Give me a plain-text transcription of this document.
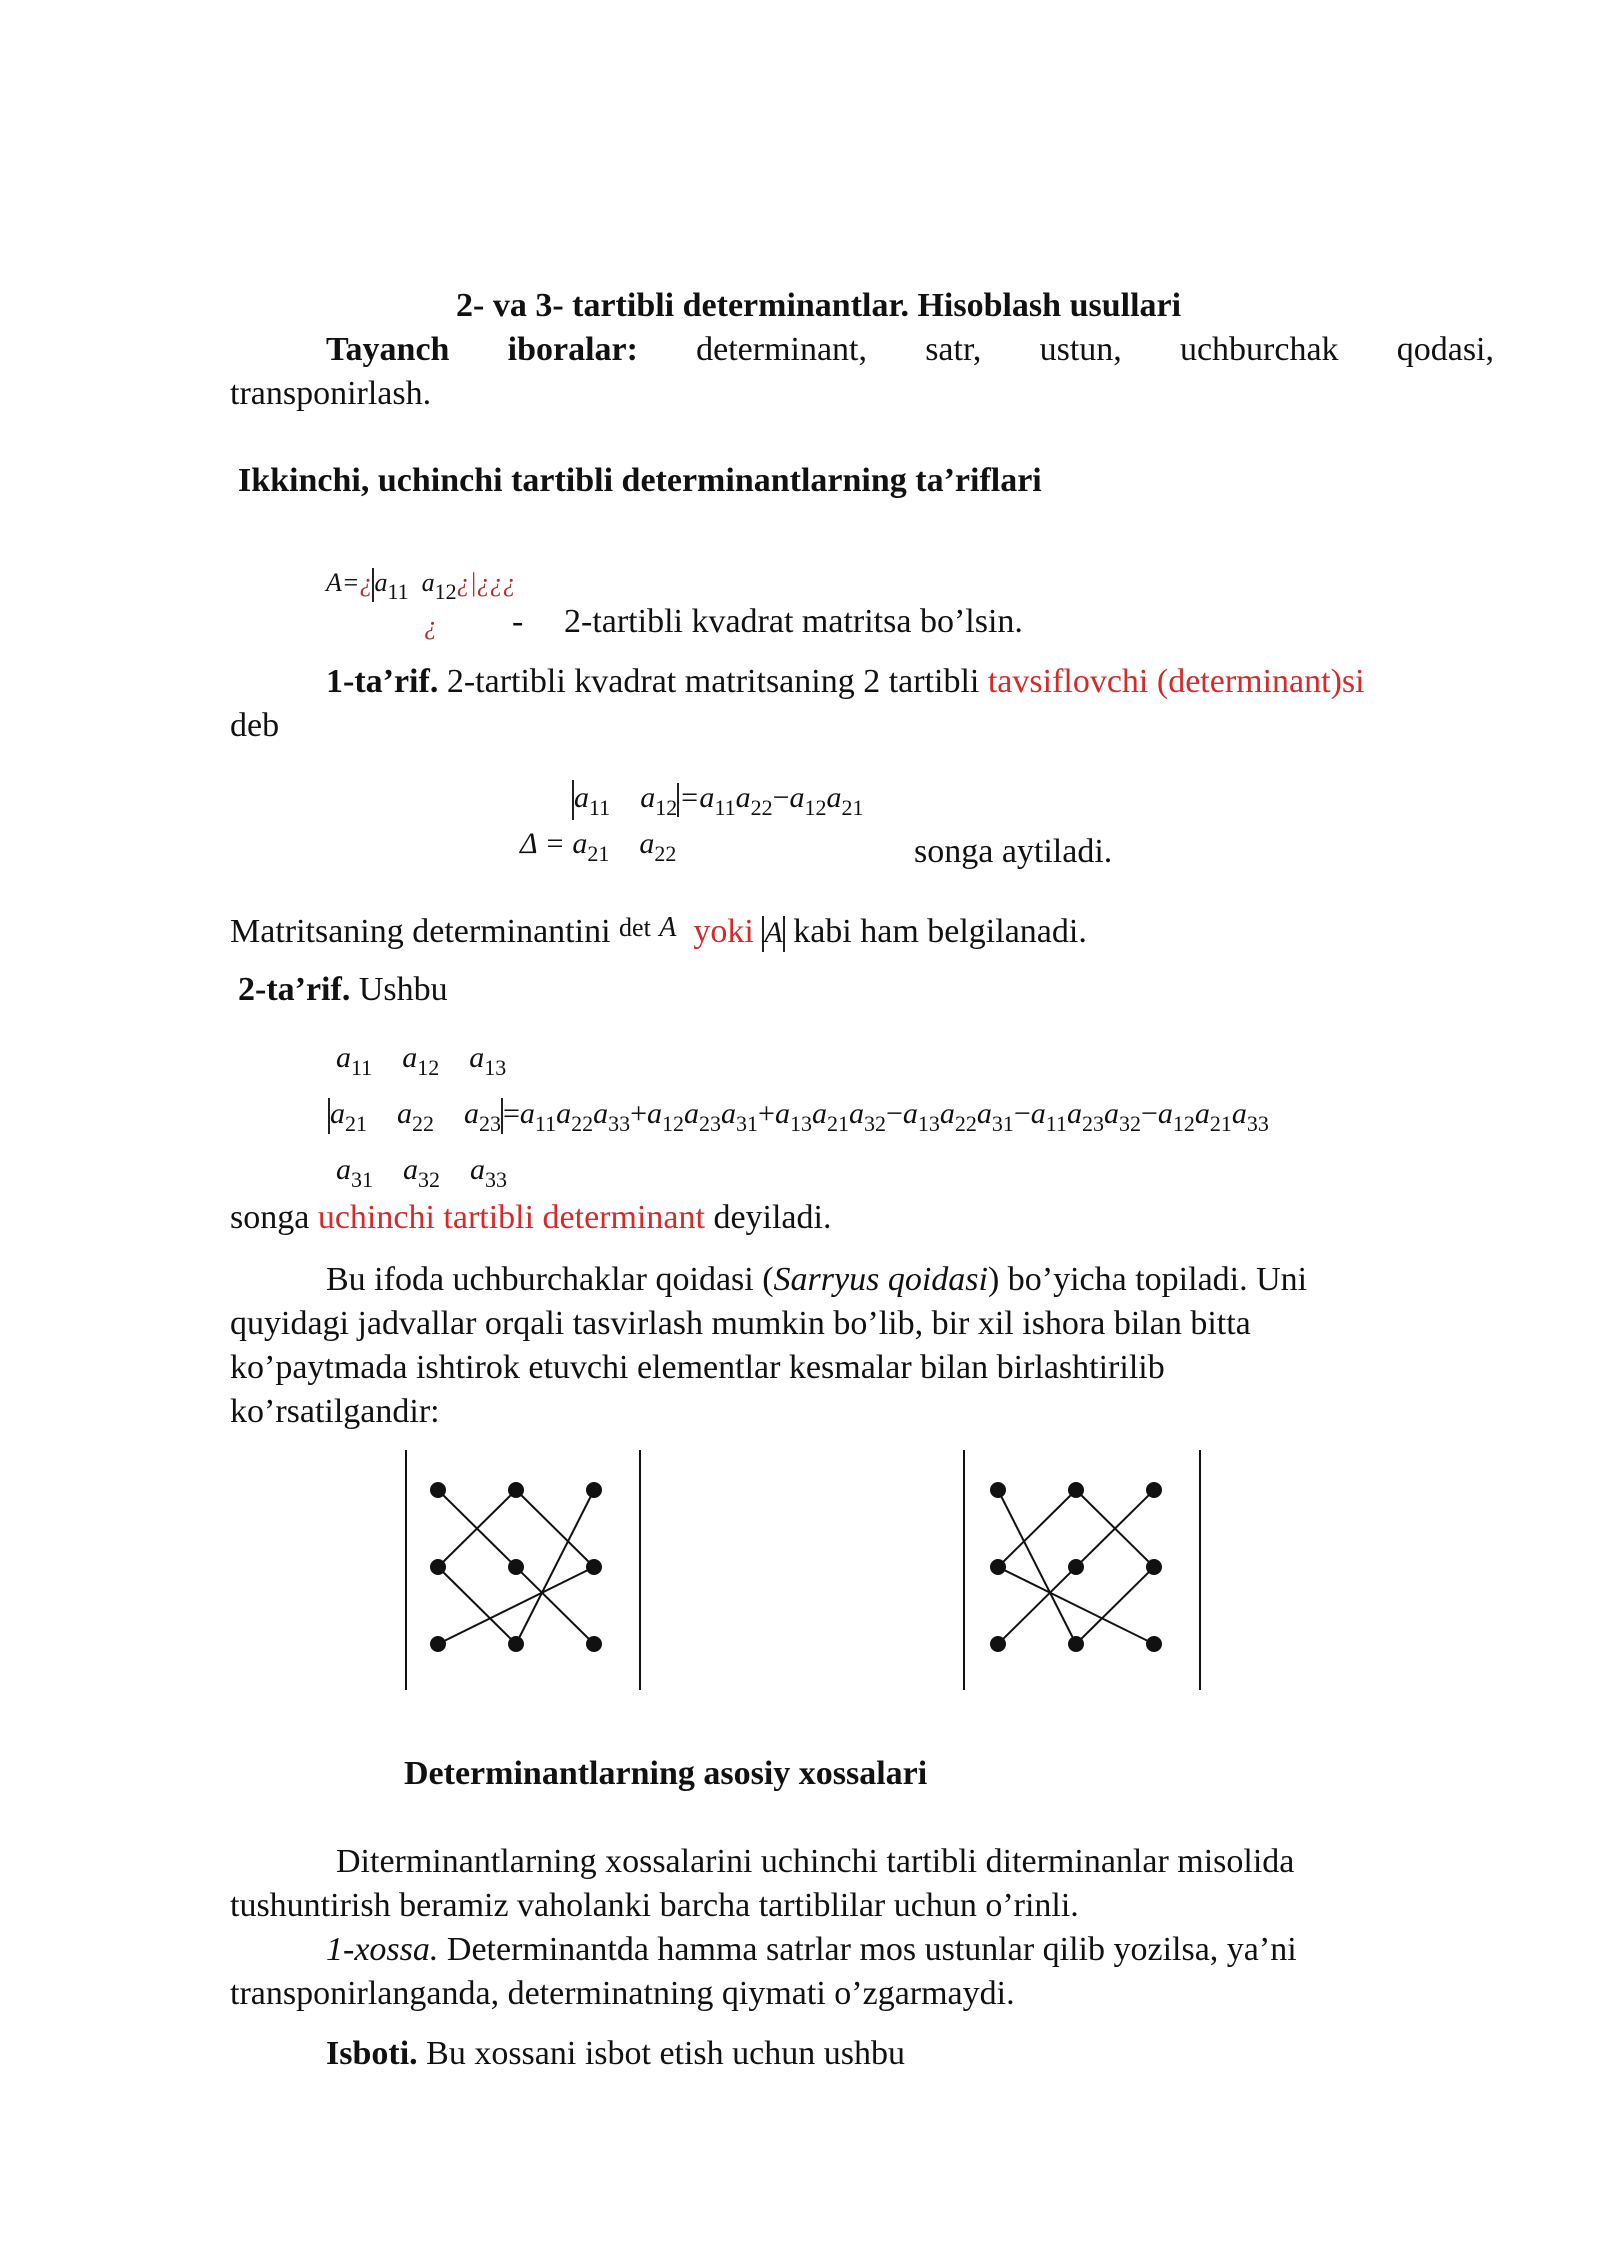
2- va 3- tartibli determinantlar. Hisoblash usullari
Tayanch iboralar: determinant, satr, ustun, uchburchak qodasi,
transponirlash.
Ikkinchi, uchinchi tartibli determinantlarning ta’riflari
$A=¿a_{11}$ $a_{12}¿|¿¿¿$
¿ - 2-tartibli kvadrat matritsa bo’lsin.
1-ta’rif. 2-tartibli kvadrat matritsaning 2 tartibli tavsiflovchi (determinant)si
deb
$a_{11}$ $a_{12}=a_{11}a_{22}-a_{12}a_{21}$
$\Delta = a_{21}$ $a_{22}$	songa aytiladi.
Matritsaning determinantini det A yoki A kabi ham belgilanadi.
2-ta’rif. Ushbu
$a_{11}$ $a_{12}$ $a_{13}$
$a_{21}$ $a_{22}$ $a_{23}=a_{11}a_{22}a_{33}+a_{12}a_{23}a_{31}+a_{13}a_{21}a_{32}-a_{13}a_{22}a_{31}-a_{11}a_{23}a_{32}-a_{12}a_{21}a_{33}$
$a_{31}$ $a_{32}$ $a_{33}$
songa uchinchi tartibli determinant deyiladi.
Bu ifoda uchburchaklar qoidasi (Sarryus qoidasi) bo’yicha topiladi. Uni
quyidagi jadvallar orqali tasvirlash mumkin bo’lib, bir xil ishora bilan bitta
ko’paytmada ishtirok etuvchi elementlar kesmalar bilan birlashtirilib
ko’rsatilgandir:
Determinantlarning asosiy xossalari
Diterminantlarning xossalarini uchinchi tartibli diterminanlar misolida
tushuntirish beramiz vaholanki barcha tartiblilar uchun o’rinli.
1-xossa. Determinantda hamma satrlar mos ustunlar qilib yozilsa, ya’ni
transponirlanganda, determinatning qiymati o’zgarmaydi.
Isboti. Bu xossani isbot etish uchun ushbu
